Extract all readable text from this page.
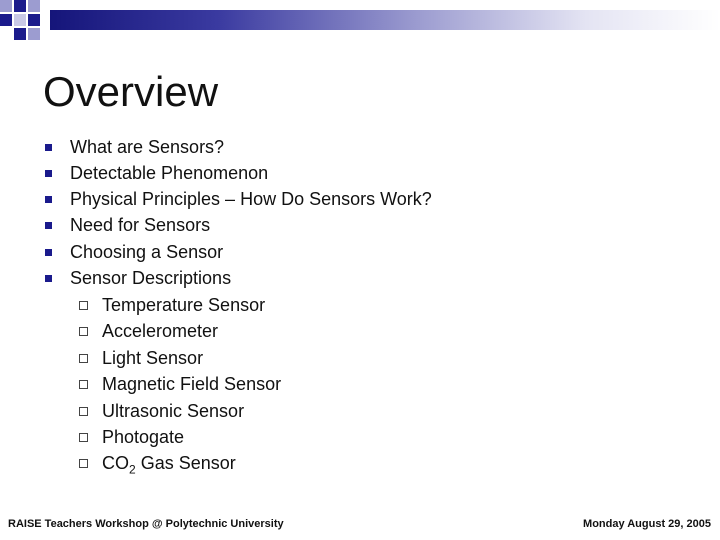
Overview
What are Sensors?
Detectable Phenomenon
Physical Principles – How Do Sensors Work?
Need for Sensors
Choosing a Sensor
Sensor Descriptions
Temperature Sensor
Accelerometer
Light Sensor
Magnetic Field Sensor
Ultrasonic Sensor
Photogate
$CO_2$ Gas Sensor
RAISE Teachers Workshop @ Polytechnic University	Monday August 29, 2005
